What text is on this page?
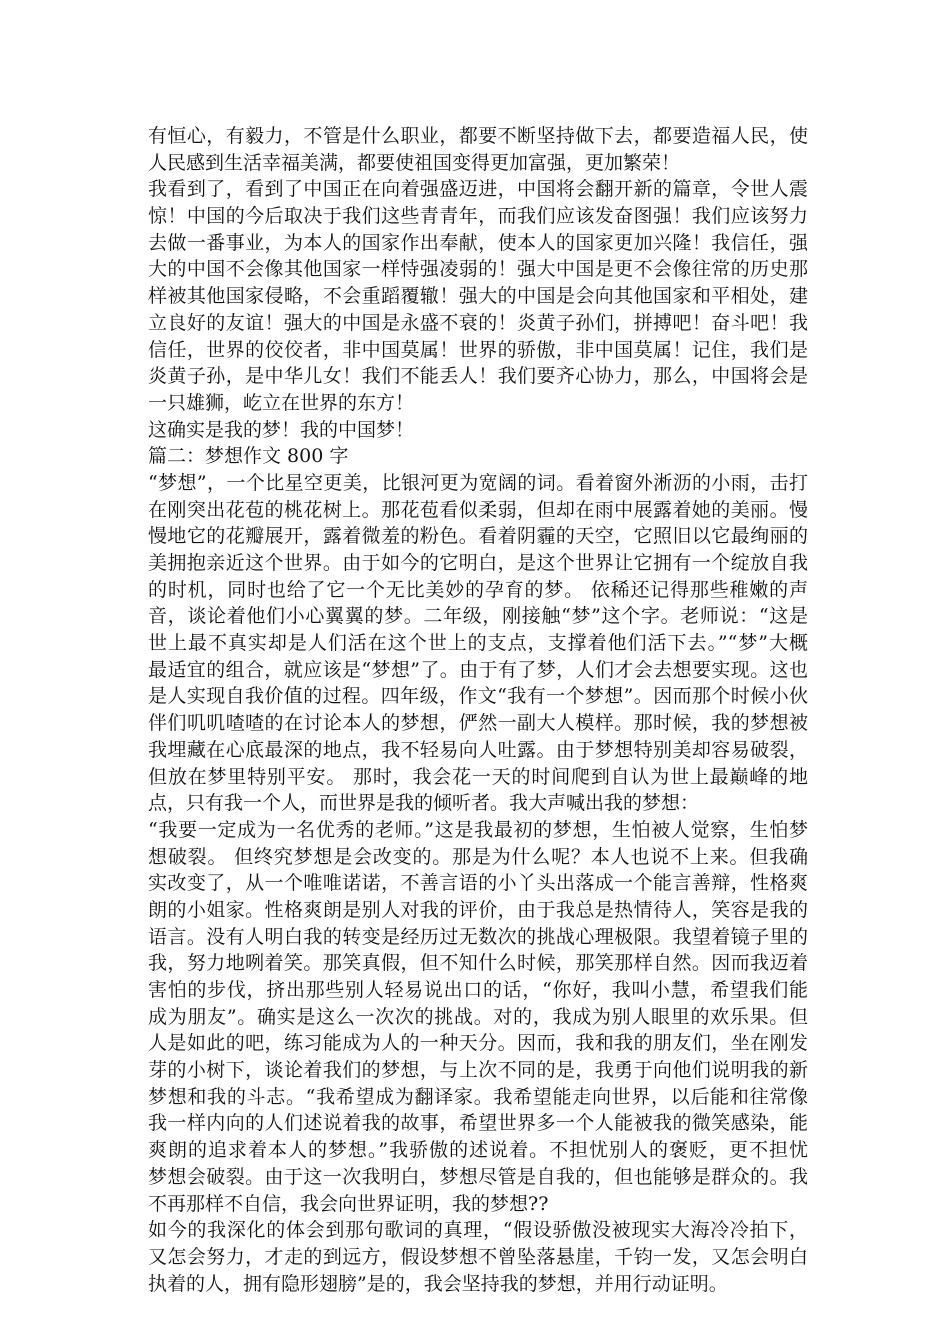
有恒心，有毅力，不管是什么职业，都要不断坚持做下去，都要造福人民，使
人民感到生活幸福美满，都要使祖国变得更加富强，更加繁荣！
我看到了，看到了中国正在向着强盛迈进，中国将会翻开新的篇章，令世人震
惊！中国的今后取决于我们这些青青年，而我们应该发奋图强！我们应该努力
去做一番事业，为本人的国家作出奉献，使本人的国家更加兴隆！我信任，强
大的中国不会像其他国家一样恃强凌弱的！强大中国是更不会像往常的历史那
样被其他国家侵略，不会重蹈覆辙！强大的中国是会向其他国家和平相处，建
立良好的友谊！强大的中国是永盛不衰的！炎黄子孙们，拼搏吧！奋斗吧！我
信任，世界的佼佼者，非中国莫属！世界的骄傲，非中国莫属！记住，我们是
炎黄子孙，是中华儿女！我们不能丢人！我们要齐心协力，那么，中国将会是
一只雄狮，屹立在世界的东方！
这确实是我的梦！我的中国梦！
篇二：梦想作文 800 字
“梦想”，一个比星空更美，比银河更为宽阔的词。看着窗外淅沥的小雨，击打
在刚突出花苞的桃花树上。那花苞看似柔弱，但却在雨中展露着她的美丽。慢
慢地它的花瓣展开，露着微羞的粉色。看着阴霾的天空，它照旧以它最绚丽的
美拥抱亲近这个世界。由于如今的它明白，是这个世界让它拥有一个绽放自我
的时机，同时也给了它一个无比美妙的孕育的梦。 依稀还记得那些稚嫩的声
音，谈论着他们小心翼翼的梦。二年级，刚接触“梦”这个字。老师说：“这是
世上最不真实却是人们活在这个世上的支点，支撑着他们活下去。”“梦”大概
最适宜的组合，就应该是“梦想”了。由于有了梦，人们才会去想要实现。这也
是人实现自我价值的过程。四年级，作文“我有一个梦想”。因而那个时候小伙
伴们叽叽喳喳的在讨论本人的梦想，俨然一副大人模样。那时候，我的梦想被
我埋藏在心底最深的地点，我不轻易向人吐露。由于梦想特别美却容易破裂，
但放在梦里特别平安。 那时，我会花一天的时间爬到自认为世上最巅峰的地
点，只有我一个人，而世界是我的倾听者。我大声喊出我的梦想：
“我要一定成为一名优秀的老师。”这是我最初的梦想，生怕被人觉察，生怕梦
想破裂。 但终究梦想是会改变的。那是为什么呢？本人也说不上来。但我确
实改变了，从一个唯唯诺诺，不善言语的小丫头出落成一个能言善辩，性格爽
朗的小姐家。性格爽朗是别人对我的评价，由于我总是热情待人，笑容是我的
语言。没有人明白我的转变是经历过无数次的挑战心理极限。我望着镜子里的
我，努力地咧着笑。那笑真假，但不知什么时候，那笑那样自然。因而我迈着
害怕的步伐，挤出那些别人轻易说出口的话，“你好，我叫小慧，希望我们能
成为朋友”。确实是这么一次次的挑战。对的，我成为别人眼里的欢乐果。但
人是如此的吧，练习能成为人的一种天分。因而，我和我的朋友们，坐在刚发
芽的小树下，谈论着我们的梦想，与上次不同的是，我勇于向他们说明我的新
梦想和我的斗志。“我希望成为翻译家。我希望能走向世界，以后能和往常像
我一样内向的人们述说着我的故事，希望世界多一个人能被我的微笑感染，能
爽朗的追求着本人的梦想。”我骄傲的述说着。不担忧别人的褒贬，更不担忧
梦想会破裂。由于这一次我明白，梦想尽管是自我的，但也能够是群众的。我
不再那样不自信，我会向世界证明，我的梦想??
如今的我深化的体会到那句歌词的真理，“假设骄傲没被现实大海冷冷拍下，
又怎会努力，才走的到远方，假设梦想不曾坠落悬崖，千钧一发，又怎会明白
执着的人，拥有隐形翅膀”是的，我会坚持我的梦想，并用行动证明。
